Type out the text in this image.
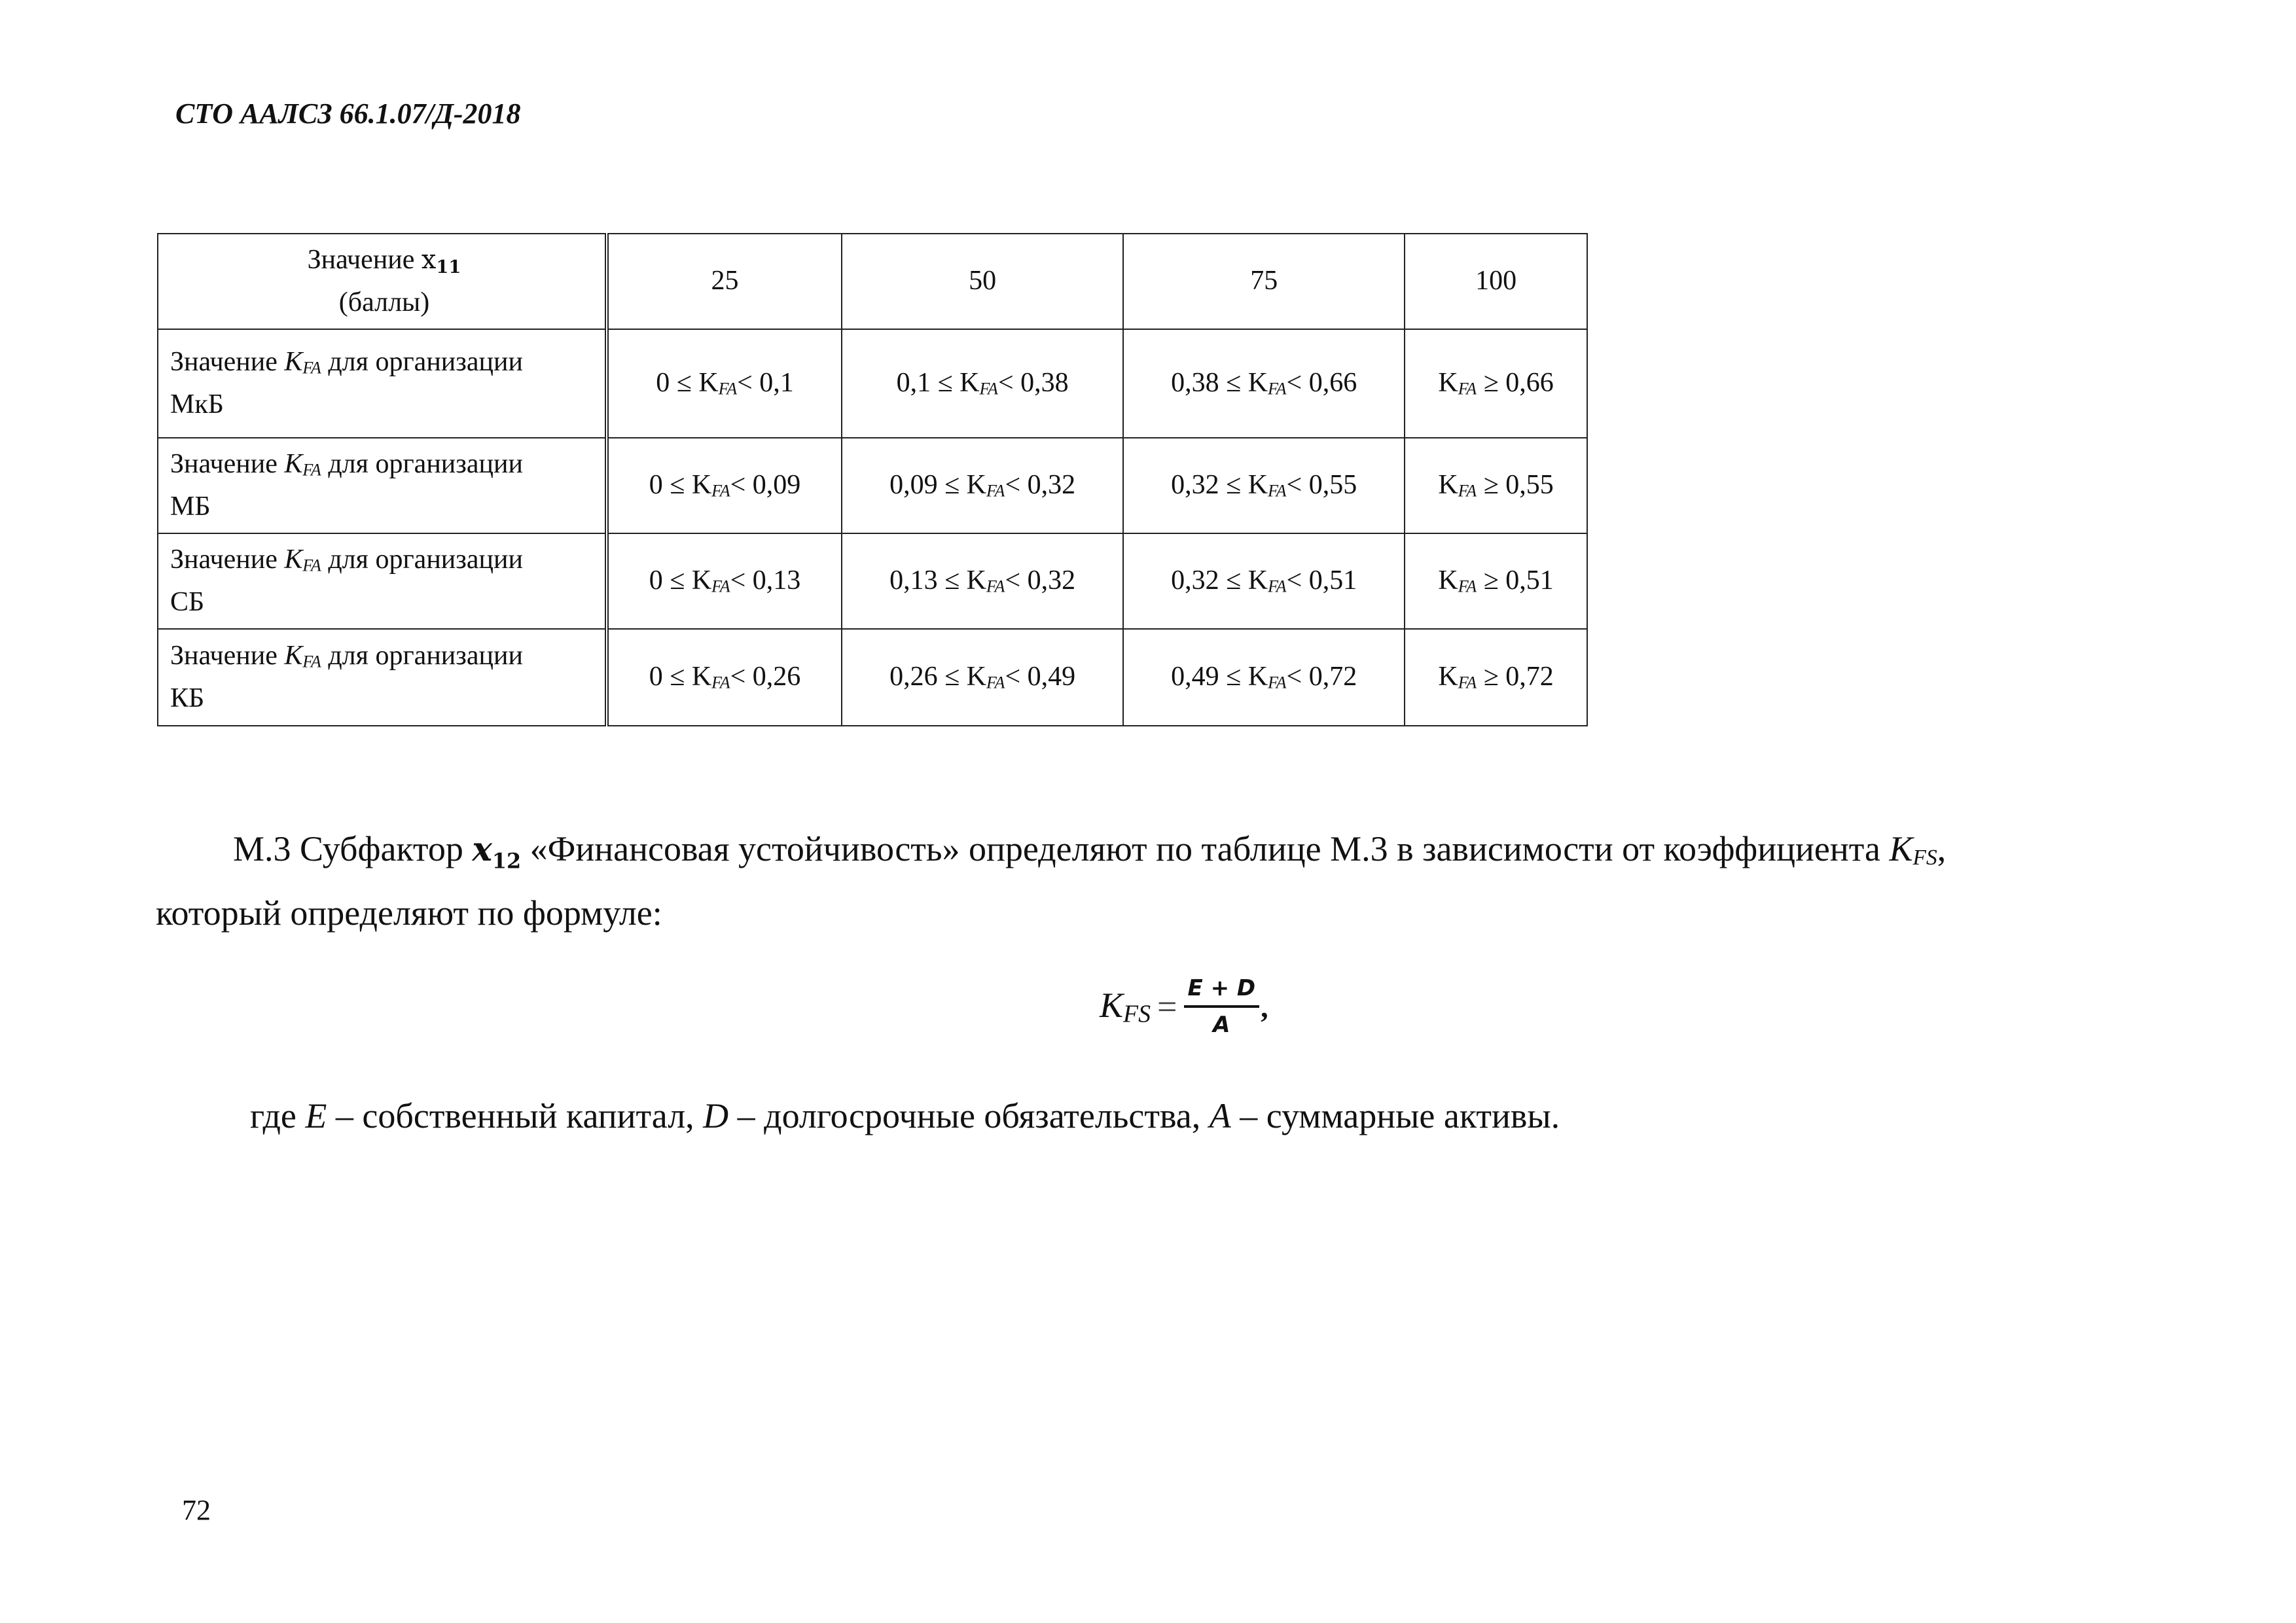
СТО ААЛСЗ 66.1.07/Д-2018
Значение x11
(баллы)	25	50	75	100
Значение KFA для организации
МкБ	0 ≤ KFA< 0,1	0,1 ≤ KFA< 0,38	0,38 ≤ KFA< 0,66	KFA ≥ 0,66
Значение KFA для организации
МБ	0 ≤ KFA< 0,09	0,09 ≤ KFA< 0,32	0,32 ≤ KFA< 0,55	KFA ≥ 0,55
Значение KFA для организации
СБ	0 ≤ KFA< 0,13	0,13 ≤ KFA< 0,32	0,32 ≤ KFA< 0,51	KFA ≥ 0,51
Значение KFA для организации
КБ	0 ≤ KFA< 0,26	0,26 ≤ KFA< 0,49	0,49 ≤ KFA< 0,72	KFA ≥ 0,72
М.3 Субфактор $x_{12}$ «Финансовая устойчивость» определяют по таблице М.3 в зависимости от коэффициента KFS,
который определяют по формуле:
KFS = $\frac{E + D}{A}$ ,
где E – собственный капитал, D – долгосрочные обязательства, A – суммарные активы.
72
